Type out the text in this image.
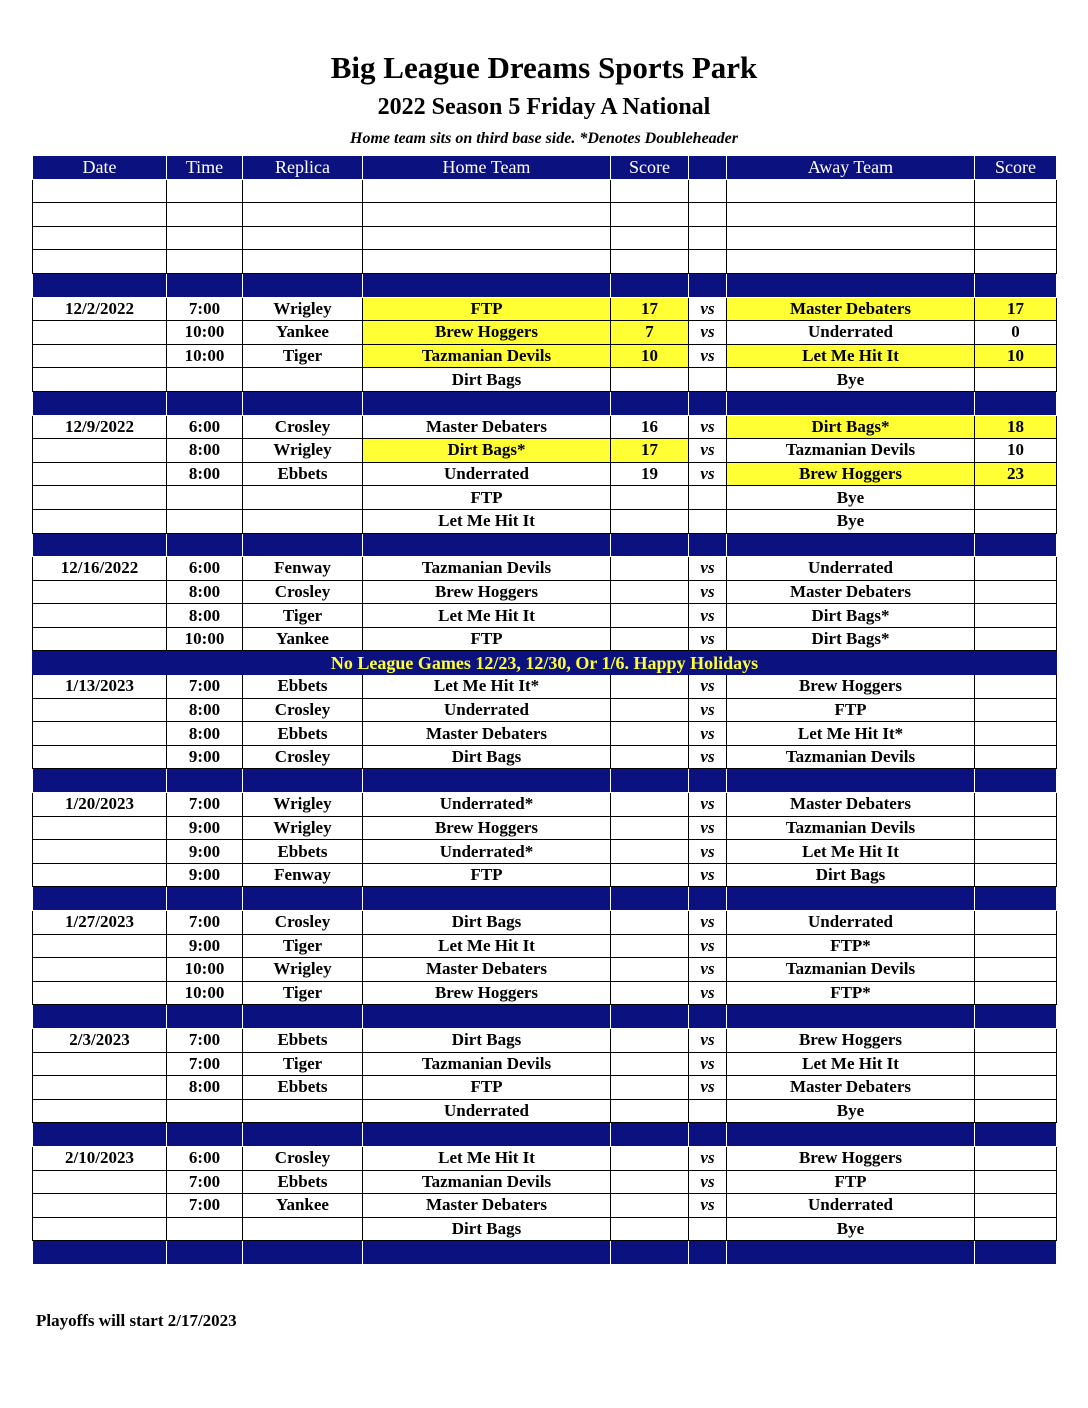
Big League Dreams Sports Park
2022 Season 5 Friday A National
Home team sits on third base side. *Denotes Doubleheader
Date	Time	Replica	Home Team	Score		Away Team	Score

12/2/2022	7:00	Wrigley	FTP	17	vs	Master Debaters	17
	10:00	Yankee	Brew Hoggers	7	vs	Underrated	0
	10:00	Tiger	Tazmanian Devils	10	vs	Let Me Hit It	10
			Dirt Bags			Bye	

12/9/2022	6:00	Crosley	Master Debaters	16	vs	Dirt Bags*	18
	8:00	Wrigley	Dirt Bags*	17	vs	Tazmanian Devils	10
	8:00	Ebbets	Underrated	19	vs	Brew Hoggers	23
			FTP			Bye	
			Let Me Hit It			Bye	

12/16/2022	6:00	Fenway	Tazmanian Devils		vs	Underrated	
	8:00	Crosley	Brew Hoggers		vs	Master Debaters	
	8:00	Tiger	Let Me Hit It		vs	Dirt Bags*	
	10:00	Yankee	FTP		vs	Dirt Bags*	
No League Games 12/23, 12/30, Or 1/6. Happy Holidays							
1/13/2023	7:00	Ebbets	Let Me Hit It*		vs	Brew Hoggers	
	8:00	Crosley	Underrated		vs	FTP	
	8:00	Ebbets	Master Debaters		vs	Let Me Hit It*	
	9:00	Crosley	Dirt Bags		vs	Tazmanian Devils	

1/20/2023	7:00	Wrigley	Underrated*		vs	Master Debaters	
	9:00	Wrigley	Brew Hoggers		vs	Tazmanian Devils	
	9:00	Ebbets	Underrated*		vs	Let Me Hit It	
	9:00	Fenway	FTP		vs	Dirt Bags	

1/27/2023	7:00	Crosley	Dirt Bags		vs	Underrated	
	9:00	Tiger	Let Me Hit It		vs	FTP*	
	10:00	Wrigley	Master Debaters		vs	Tazmanian Devils	
	10:00	Tiger	Brew Hoggers		vs	FTP*	

2/3/2023	7:00	Ebbets	Dirt Bags		vs	Brew Hoggers	
	7:00	Tiger	Tazmanian Devils		vs	Let Me Hit It	
	8:00	Ebbets	FTP		vs	Master Debaters	
			Underrated			Bye	

2/10/2023	6:00	Crosley	Let Me Hit It		vs	Brew Hoggers	
	7:00	Ebbets	Tazmanian Devils		vs	FTP	
	7:00	Yankee	Master Debaters		vs	Underrated	
			Dirt Bags			Bye	

Playoffs will start 2/17/2023
